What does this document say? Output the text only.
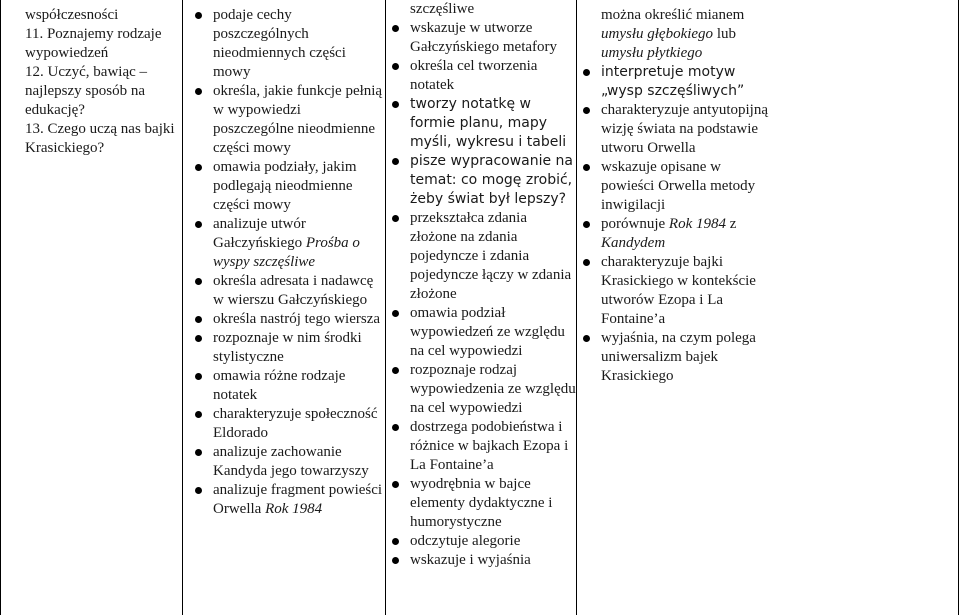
współczesności

11. Poznajemy rodzaje wypowiedzeń
12. Uczyć, bawiąc – najlepszy sposób na edukację?
13. Czego uczą nas bajki Krasickiego?
podaje cechy poszczególnych nieodmiennych części mowy
określa, jakie funkcje pełnią w wypowiedzi poszczególne nieodmienne części mowy
omawia podziały, jakim podlegają nieodmienne części mowy
analizuje utwór Gałczyńskiego Prośba o wyspy szczęśliwe
określa adresata i nadawcę w wierszu Gałczyńskiego
określa nastrój tego wiersza
rozpoznaje w nim środki stylistyczne
omawia różne rodzaje notatek
charakteryzuje społeczność Eldorado
analizuje zachowanie Kandyda jego towarzyszy
analizuje fragment powieści Orwella Rok 1984

szczęśliwe

wskazuje w utworze Gałczyńskiego metafory
określa cel tworzenia notatek
tworzy notatkę w formie planu, mapy myśli, wykresu i tabeli
pisze wypracowanie na temat: co mogę zrobić, żeby świat był lepszy?
przekształca zdania złożone na zdania pojedyncze i zdania pojedyncze łączy w zdania złożone
omawia podział wypowiedzeń ze względu na cel wypowiedzi
rozpoznaje rodzaj wypowiedzenia ze względu na cel wypowiedzi
dostrzega podobieństwa i różnice w bajkach Ezopa i La Fontaine’a
wyodrębnia w bajce elementy dydaktyczne i humorystyczne
odczytuje alegorie
wskazuje i wyjaśnia

można określić mianem umysłu głębokiego lub umysłu płytkiego

interpretuje motyw „wysp szczęśliwych”
charakteryzuje antyutopijną wizję świata na podstawie utworu Orwella
wskazuje opisane w powieści Orwella metody inwigilacji
porównuje Rok 1984 z Kandydem
charakteryzuje bajki Krasickiego w kontekście utworów Ezopa i La Fontaine’a
wyjaśnia, na czym polega uniwersalizm bajek Krasickiego
